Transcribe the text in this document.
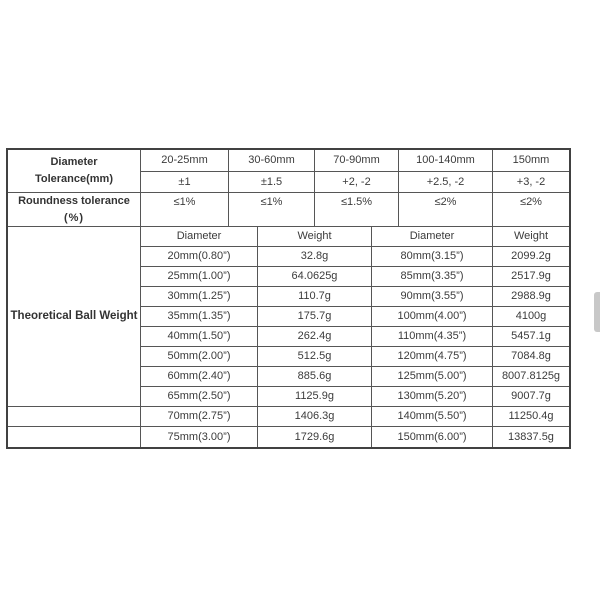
Diameter
Tolerance(mm)
20-25mm	30-60mm	70-90mm	100-140mm	150mm
±1	±1.5	+2, -2	+2.5, -2	+3, -2
Roundness tolerance
(%)
≤1%	≤1%	≤1.5%	≤2%	≤2%
Theoretical Ball Weight
Diameter	Weight	Diameter	Weight
20mm(0.80”)	32.8g	80mm(3.15”)	2099.2g
25mm(1.00”)	64.0625g	85mm(3.35”)	2517.9g
30mm(1.25”)	110.7g	90mm(3.55”)	2988.9g
35mm(1.35”)	175.7g	100mm(4.00”)	4100g
40mm(1.50”)	262.4g	110mm(4.35”)	5457.1g
50mm(2.00”)	512.5g	120mm(4.75”)	7084.8g
60mm(2.40”)	885.6g	125mm(5.00”)	8007.8125g
65mm(2.50”)	1125.9g	130mm(5.20”)	9007.7g
70mm(2.75”)	1406.3g	140mm(5.50”)	11250.4g
75mm(3.00”)	1729.6g	150mm(6.00”)	13837.5g
